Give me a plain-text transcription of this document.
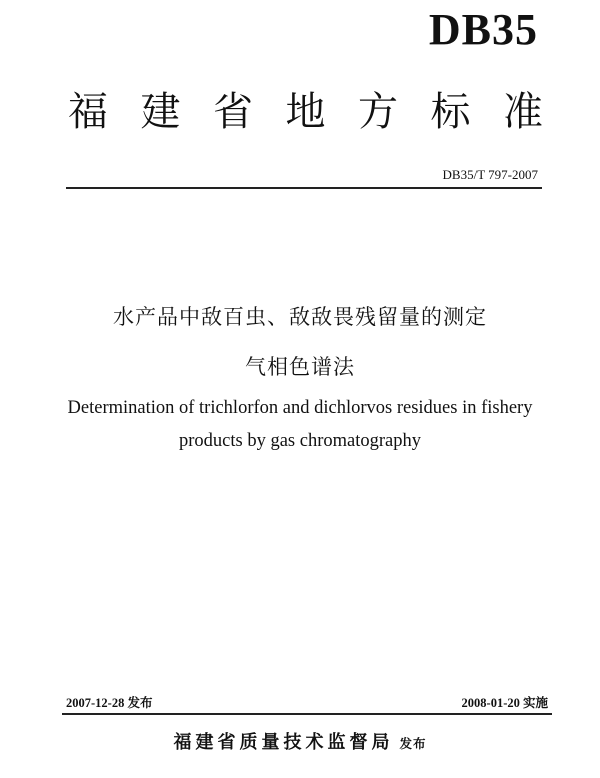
DB35
福 建 省 地 方 标 准
DB35/T 797-2007
水产品中敌百虫、敌敌畏残留量的测定
气相色谱法
Determination of trichlorfon and dichlorvos residues in fishery
products by gas chromatography
2007-12-28 发布	2008-01-20 实施
福建省质量技术监督局 发布
